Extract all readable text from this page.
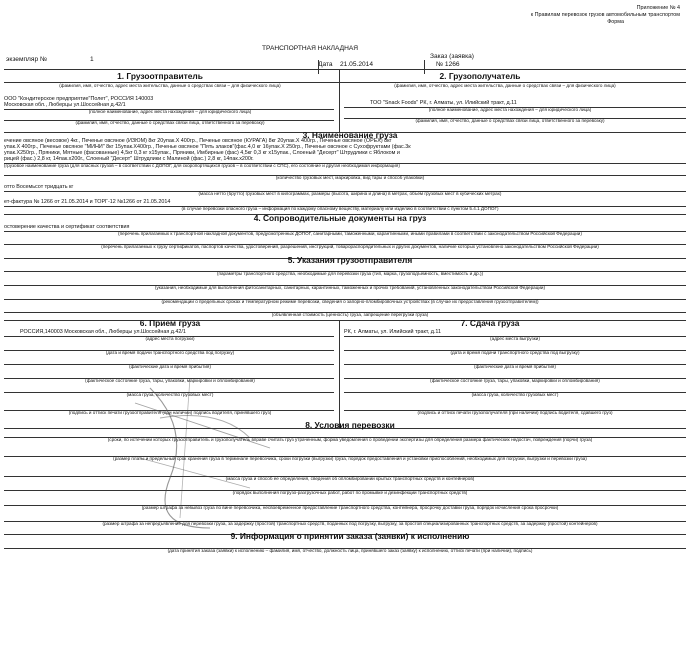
Приложение № 4
к Правилам перевозок грузов автомобильным транспортом
Форма
ТРАНСПОРТНАЯ НАКЛАДНАЯ
экземпляр №	1
Дата 21.05.2014
Заказ (заявка)
№ 1266
1. Грузоотправитель	2. Грузополучатель
(фамилия, имя, отчество, адрес места жительства, данные о средствах связи – для физического лица)
ООО "Кондитерское предприятие"Полет", РОССИЯ 140003
Московская обл., Люберцы ул.Шоссейная д.42/1
(полное наименование, адрес места нахождения – для юридического лица)
(фамилия, имя, отчество, данные о средствах связи лица, ответственного за перевозку)
(фамилия, имя, отчество, адрес места жительства, данные о средствах связи – для физического лица)
ТОО "Snack Foods" РК, г. Алматы, ул. Илийский тракт, д.11
(полное наименование, адрес места нахождения – для юридического лица)
(фамилия, имя, отчество, данные о средствах связи лица, ответственного за перевозку)
3. Наименование груза
ечение овсяное (весовое) 4кг., Печенье овсяное (ИЗЮМ) 8кг 20упак.Х 400гр., Печенье овсяное (КУРАГА) 8кг 20упак.Х 400гр., Печенье овсяное (ОРЕХ) 8кг
упак.Х 400гр., Печенье овсяное "МИНИ" 8кг 15упак.Х400гр., Печенье овсяное "Пять злаков"(фас.4,0 кг 16упак.Х 250гр., Печенье овсяное с Сухофруктами (фас.3к
упак.Х250гр., Пряники, Мятные (фасованные) 4,5кг 0,3 кг х15упак., Пряники, Имбирные (фас) 4,5кг 0,3 кг х15упак., Слоеный "Десерт" Штрудлики с Яблоком и
рицей (фас.) 2,8 кг, 14пак.х200г., Слоеный "Десерт" Штрудлики с Малиной (фас.) 2,8 кг, 14пак.х200г.
(грузовое наименование груза (для опасных грузов – в соответствии с ДОПОГ, для скоропортящихся грузов – в соответствии с СПС), его состояние и другая необходимая информация)
(количество грузовых мест, маркировка, вид тары и способ упаковки)
отто Восемьсот тридцать кг
(масса нетто (брутто) грузовых мест в килограммах, размеры (высота, ширина и длина) в метрах, объем грузовых мест в кубических метрах)
ет-фактура № 1266 от 21.05.2014 и ТОРГ-12 №1266 от 21.05.2014
(в случае перевозки опасного груза – информация по каждому опасному веществу, материалу или изделию в соответствии с пунктом 5.4.1 ДОПОГ)
4. Сопроводительные документы на груз
остоверение качества и сертификат соответствия
(перечень прилагаемых к транспортной накладной документов, предусмотренных ДОПОГ, санитарными, таможенными, карантинными, иными правилами в соответствии с законодательством Российской Федерации)
(перечень прилагаемых к грузу сертификатов, паспортов качества, удостоверений, разрешений, инструкций, товарораспорядительных и других документов, наличие которых установлено законодательством Российской Федерации)
5. Указания грузоотправителя
(параметры транспортного средства, необходимые для перевозки груза (тип, марка, грузоподъемность, вместимость и др.))
(указания, необходимые для выполнения фитосанитарных, санитарных, карантинных, таможенных и прочих требований, установленных законодательством Российской Федерации)
(рекомендации о предельных сроках и температурном режиме перевозки, сведения о запорно-пломбировочных устройствах (в случае их предоставления грузоотправителем))
(объявленная стоимость (ценность) груза, запрещение перегрузки груза)
6. Прием груза	7. Сдача груза
РОССИЯ,140003 Московская обл., Люберцы ул.Шоссейная д.42/1
(адрес места погрузки)
(дата и время подачи транспортного средства под погрузку)
(фактические дата и время прибытия)
(фактическое состояние груза, тары, упаковки, маркировки и опломбирования)
(масса груза, количество грузовых мест)
(подпись и оттиск печати грузоотправителя (при наличии) подпись водителя, принявшего груз)
РК, г. Алматы, ул. Илийский тракт, д.11
(адрес места выгрузки)
(дата и время подачи транспортного средства под выгрузку)
(фактические дата и время прибытия)
(фактическое состояние груза, тары, упаковки, маркировки и опломбирования)
(масса груза, количество грузовых мест)
(подпись и оттиск печати грузополучателя (при наличии) подпись водителя, сдавшего груз)
8. Условия перевозки
(сроки, по истечении которых грузоотправитель и грузополучатель вправе считать груз утраченным, форма уведомления о проведении экспертизы для определения размера фактических недостач, повреждения (порчи) груза)
(размер платы и предельный срок хранения груза в терминале перевозчика, сроки погрузки (выгрузки) груза, порядок предоставления и установки приспособлений, необходимых для погрузки, выгрузки и перевозки груза)
(масса груза и способ ее определения, сведения об опломбировании крытых транспортных средств и контейнеров)
(порядок выполнения погрузо-разгрузочных работ, работ по промывке и дезинфекции транспортных средств)
(размер штрафа за невывоз груза по вине перевозчика, несвоевременное предоставление транспортного средства, контейнера, просрочку доставки груза, порядок исчисления срока просрочки)
(размер штрафа за непредъявление для перевозки груза, за задержку (простой) транспортных средств, поданных под погрузку, выгрузку, за простой специализированных транспортных средств, за задержку (простой) контейнеров)
9. Информация о принятии заказа (заявки) к исполнению
(дата принятия заказа (заявки) к исполнению – фамилия, имя, отчество, должность лица, принявшего заказ (заявку) к исполнению, оттиск печати (при наличии), подпись)
